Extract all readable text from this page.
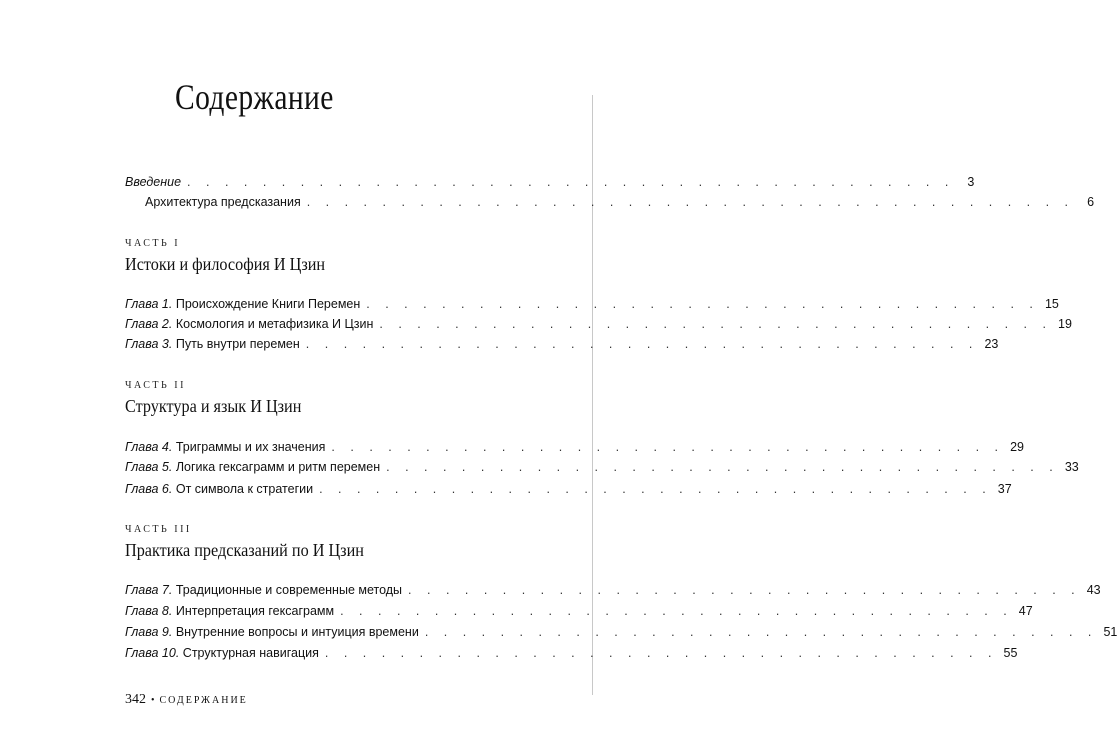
Содержание
Введение . . . . . . . . . . . . . . . . . . . . . . . . . . . . . . . . . . . . . . . . .	3
Архитектура предсказания . . . . . . . . . . . . . . . . . . . . . . . . . . . . . . . . . . . . . . . . .	6
ЧАСТЬ I
Истоки и философия И Цзин
Глава 1. Происхождение Книги Перемен . . . . . . . . . . . . . . . . . . . . . . . . . . . . . . . . . . . . 15
Глава 2. Космология и метафизика И Цзин . . . . . . . . . . . . . . . . . . . . . . . . . . . . . . . . . . . . 19
Глава 3. Путь внутри перемен . . . . . . . . . . . . . . . . . . . . . . . . . . . . . . . . . . . . 23
ЧАСТЬ II
Структура и язык И Цзин
Глава 4. Триграммы и их значения . . . . . . . . . . . . . . . . . . . . . . . . . . . . . . . . . . . . 29
Глава 5. Логика гексаграмм и ритм перемен . . . . . . . . . . . . . . . . . . . . . . . . . . . . . . . . . . . . 33
Глава 6. От символа к стратегии . . . . . . . . . . . . . . . . . . . . . . . . . . . . . . . . . . . . 37
ЧАСТЬ III
Практика предсказаний по И Цзин
Глава 7. Традиционные и современные методы . . . . . . . . . . . . . . . . . . . . . . . . . . . . . . . . . . . . 43
Глава 8. Интерпретация гексаграмм . . . . . . . . . . . . . . . . . . . . . . . . . . . . . . . . . . . . 47
Глава 9. Внутренние вопросы и интуиция времени . . . . . . . . . . . . . . . . . . . . . . . . . . . . . . . . . . . . 51
Глава 10. Структурная навигация . . . . . . . . . . . . . . . . . . . . . . . . . . . . . . . . . . . . 55
342 • СОДЕРЖАНИЕ
